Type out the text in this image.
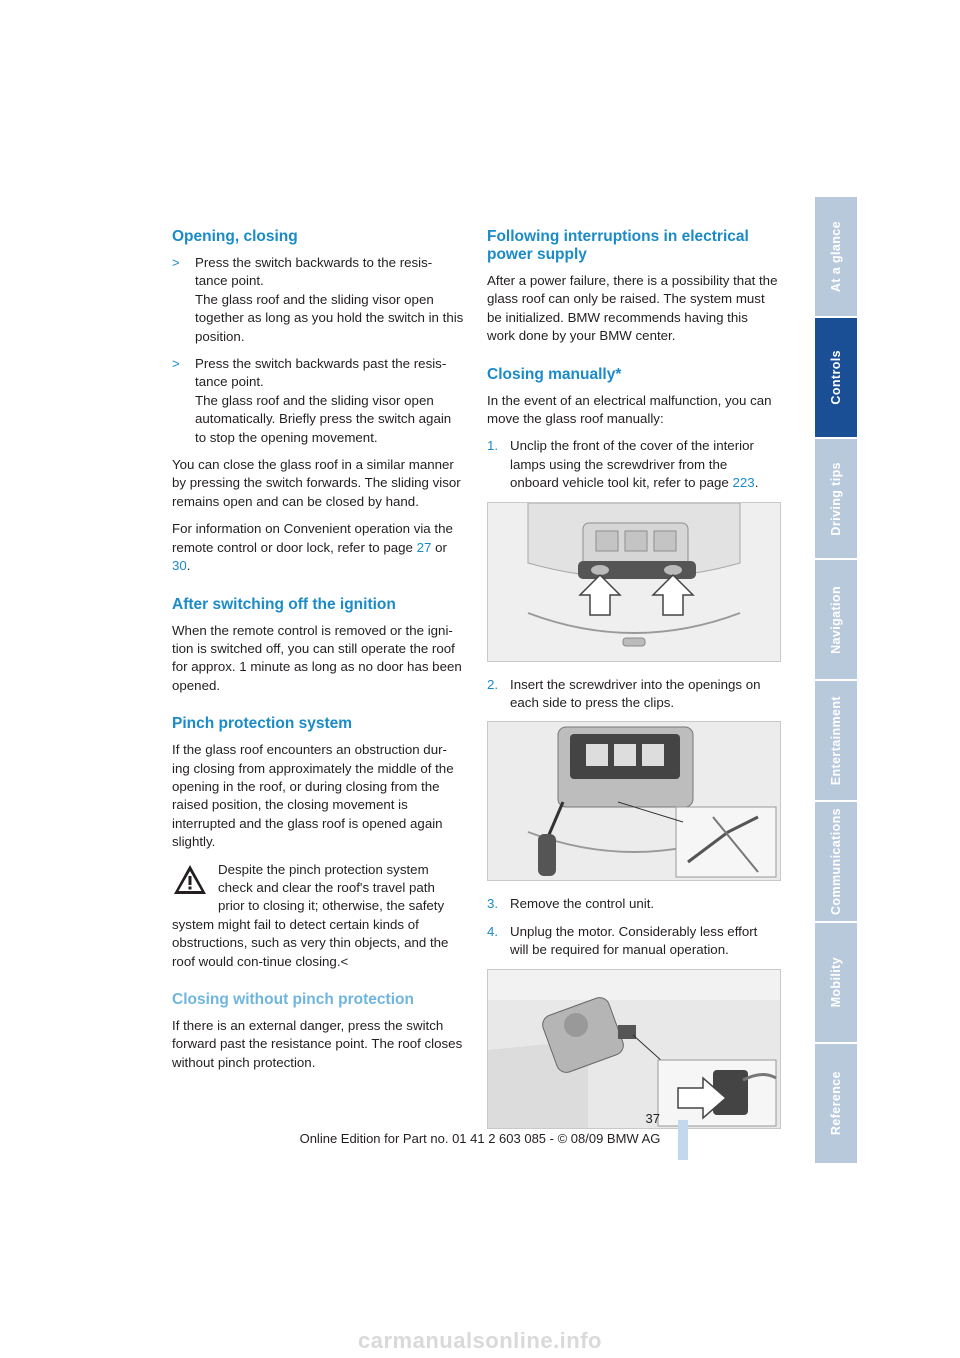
Opening, closing
> Press the switch backwards to the resis-tance point.
The glass roof and the sliding visor open together as long as you hold the switch in this position.
> Press the switch backwards past the resis-tance point.
The glass roof and the sliding visor open automatically. Briefly press the switch again to stop the opening movement.

You can close the glass roof in a similar manner by pressing the switch forwards. The sliding visor remains open and can be closed by hand.

For information on Convenient operation via the remote control or door lock, refer to page 27 or 30.

After switching off the ignition

When the remote control is removed or the igni-tion is switched off, you can still operate the roof for approx. 1 minute as long as no door has been opened.

Pinch protection system

If the glass roof encounters an obstruction dur-ing closing from approximately the middle of the opening in the roof, or during closing from the raised position, the closing movement is interrupted and the glass roof is opened again slightly.

Despite the pinch protection system check and clear the roof's travel path prior to closing it; otherwise, the safety system might fail to detect certain kinds of obstructions, such as very thin objects, and the roof would con-tinue closing.<
Closing without pinch protection

If there is an external danger, press the switch forward past the resistance point. The roof closes without pinch protection.

Following interruptions in electrical power supply

After a power failure, there is a possibility that the glass roof can only be raised. The system must be initialized. BMW recommends having this work done by your BMW center.

Closing manually*

In the event of an electrical malfunction, you can move the glass roof manually:

1. Unclip the front of the cover of the interior lamps using the screwdriver from the onboard vehicle tool kit, refer to page 223.
2. Insert the screwdriver into the openings on each side to press the clips.
3. Remove the control unit.
4. Unplug the motor. Considerably less effort will be required for manual operation.
At a glance
Controls
Driving tips
Navigation
Entertainment
Communications
Mobility
Reference
37
Online Edition for Part no. 01 41 2 603 085 - © 08/09 BMW AG
carmanualsonline.info
